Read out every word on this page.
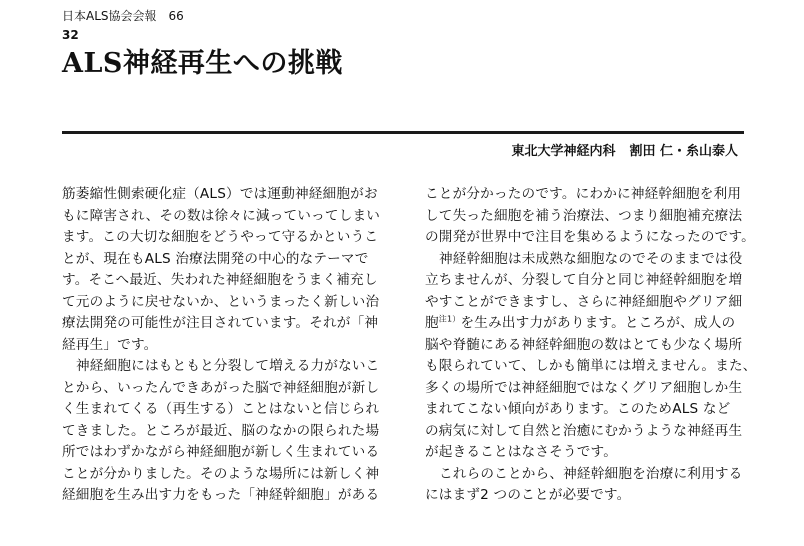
日本ALS協会会報 66
32
ALS神経再生への挑戦
東北大学神経内科 割田 仁・糸山泰人
筋萎縮性側索硬化症（ALS）では運動神経細胞がお
もに障害され、その数は徐々に減っていってしまい
ます。この大切な細胞をどうやって守るかというこ
とが、現在もALS 治療法開発の中心的なテーマで
す。そこへ最近、失われた神経細胞をうまく補充し
て元のように戻せないか、というまったく新しい治
療法開発の可能性が注目されています。それが「神
経再生」です。
神経細胞にはもともと分裂して増える力がないこ
とから、いったんできあがった脳で神経細胞が新し
く生まれてくる（再生する）ことはないと信じられ
てきました。ところが最近、脳のなかの限られた場
所ではわずかながら神経細胞が新しく生まれている
ことが分かりました。そのような場所には新しく神
経細胞を生み出す力をもった「神経幹細胞」がある
ことが分かったのです。にわかに神経幹細胞を利用
して失った細胞を補う治療法、つまり細胞補充療法
の開発が世界中で注目を集めるようになったのです。
神経幹細胞は未成熟な細胞なのでそのままでは役
立ちませんが、分裂して自分と同じ神経幹細胞を増
やすことができますし、さらに神経細胞やグリア細
胞$^{注1)}$を生み出す力があります。ところが、成人の
脳や脊髄にある神経幹細胞の数はとても少なく場所
も限られていて、しかも簡単には増えません。また、
多くの場所では神経細胞ではなくグリア細胞しか生
まれてこない傾向があります。このためALS など
の病気に対して自然と治癒にむかうような神経再生
が起きることはなさそうです。
これらのことから、神経幹細胞を治療に利用する
にはまず2 つのことが必要です。
